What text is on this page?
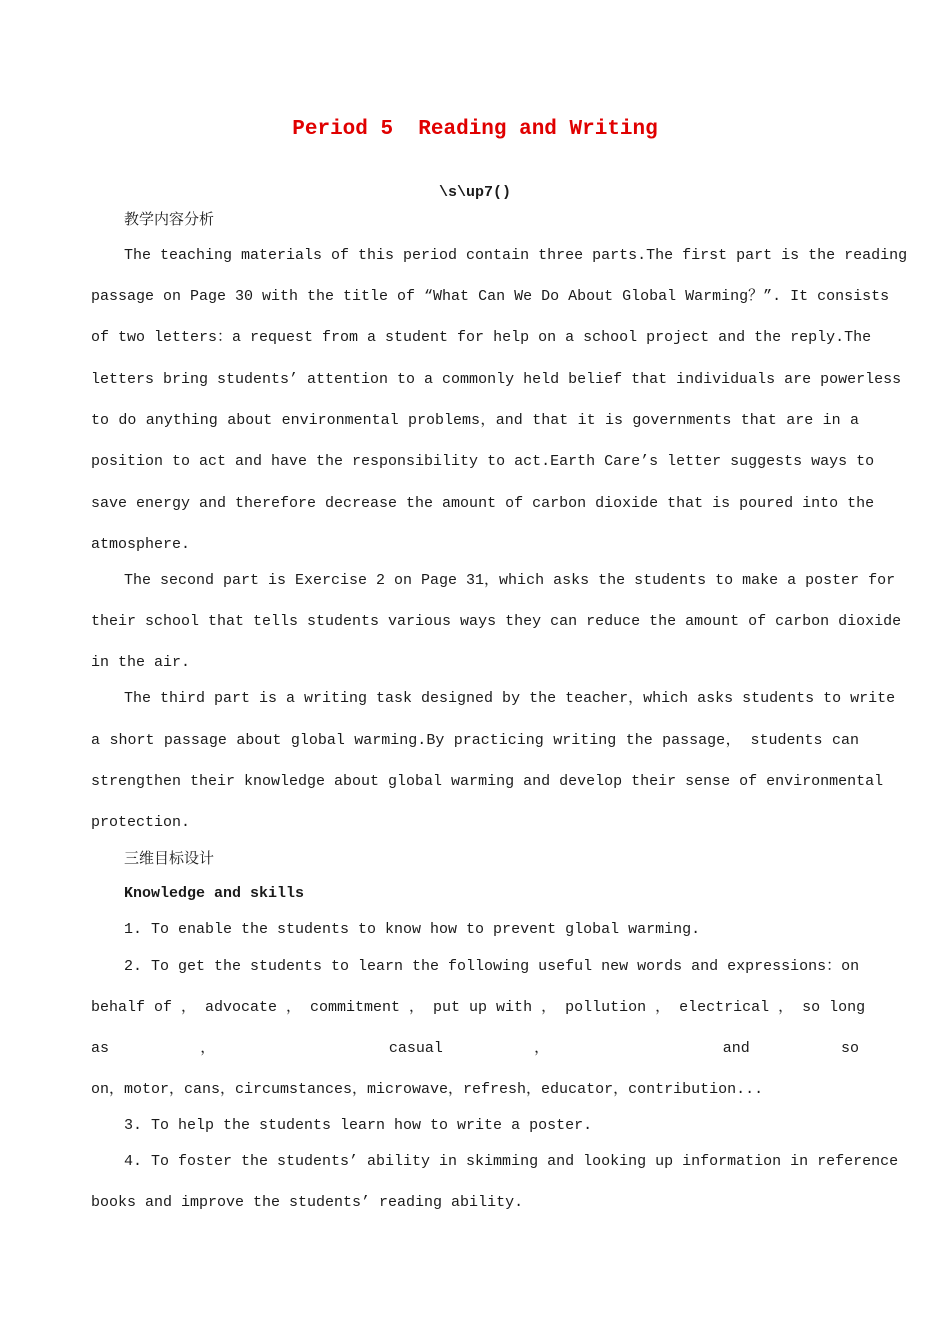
Period 5  Reading and Writing
\s\up7()
教学内容分析
The teaching materials of this period contain three parts.The first part is the reading
passage on Page 30 with the title of “What Can We Do About Global Warming？”. It consists
of two letters：a request from a student for help on a school project and the reply.The
letters bring students’ attention to a commonly held belief that individuals are powerless
to do anything about environmental problems，and that it is governments that are in a
position to act and have the responsibility to act.Earth Care’s letter suggests ways to
save energy and therefore decrease the amount of carbon dioxide that is poured into the
atmosphere.
The second part is Exercise 2 on Page 31，which asks the students to make a poster for
their school that tells students various ways they can reduce the amount of carbon dioxide
in the air.
The third part is a writing task designed by the teacher，which asks students to write
a short passage about global warming.By practicing writing the passage， students can
strengthen their knowledge about global warming and develop their sense of environmental
protection.
三维目标设计
Knowledge and skills
1. To enable the students to know how to prevent global warming.
2. To get the students to learn the following useful new words and expressions：on
behalf of ， advocate ， commitment ， put up with ， pollution ， electrical ， so long
as ， casual ， and so
on，motor，cans，circumstances，microwave，refresh，educator，contribution...
3. To help the students learn how to write a poster.
4. To foster the students’ ability in skimming and looking up information in reference
books and improve the students’ reading ability.
